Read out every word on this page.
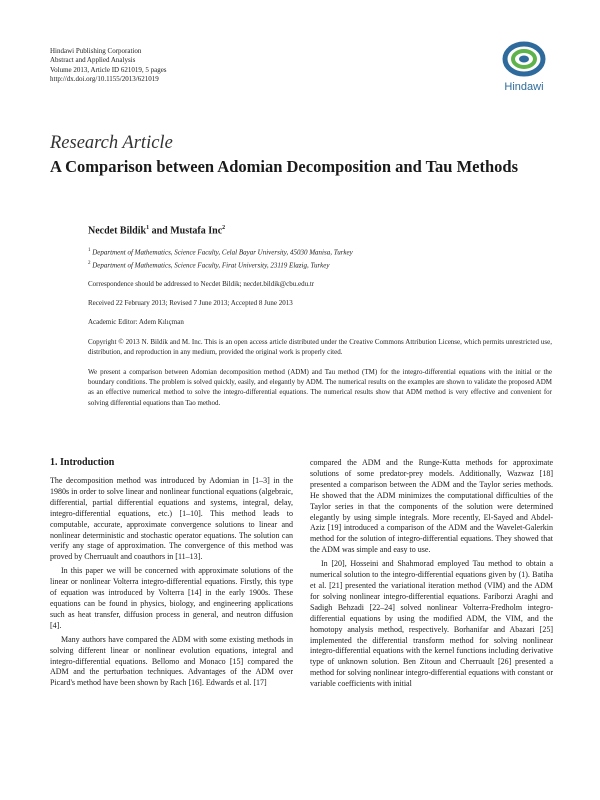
Hindawi Publishing Corporation
Abstract and Applied Analysis
Volume 2013, Article ID 621019, 5 pages
http://dx.doi.org/10.1155/2013/621019
Hindawi
Research Article
A Comparison between Adomian Decomposition and Tau Methods
Necdet Bildik$^1$ and Mustafa Inc$^2$
$^1$ Department of Mathematics, Science Faculty, Celal Bayar University, 45030 Manisa, Turkey
$^2$ Department of Mathematics, Science Faculty, Firat University, 23119 Elazig, Turkey
Correspondence should be addressed to Necdet Bildik; necdet.bildik@cbu.edu.tr
Received 22 February 2013; Revised 7 June 2013; Accepted 8 June 2013
Academic Editor: Adem Kılıçman
Copyright © 2013 N. Bildik and M. Inc. This is an open access article distributed under the Creative Commons Attribution License, which permits unrestricted use, distribution, and reproduction in any medium, provided the original work is properly cited.
We present a comparison between Adomian decomposition method (ADM) and Tau method (TM) for the integro-differential equations with the initial or the boundary conditions. The problem is solved quickly, easily, and elegantly by ADM. The numerical results on the examples are shown to validate the proposed ADM as an effective numerical method to solve the integro-differential equations. The numerical results show that ADM method is very effective and convenient for solving differential equations than Tao method.
1. Introduction

The decomposition method was introduced by Adomian in [1–3] in the 1980s in order to solve linear and nonlinear functional equations (algebraic, differential, partial differential equations and systems, integral, delay, integro-differential equations, etc.) [1–10]. This method leads to computable, accurate, approximate convergence solutions to linear and nonlinear deterministic and stochastic operator equations. The solution can verify any stage of approximation. The convergence of this method was proved by Cherruault and coauthors in [11–13].

In this paper we will be concerned with approximate solutions of the linear or nonlinear Volterra integro-differential equations. Firstly, this type of equation was introduced by Volterra [14] in the early 1900s. These equations can be found in physics, biology, and engineering applications such as heat transfer, diffusion process in general, and neutron diffusion [4].

Many authors have compared the ADM with some existing methods in solving different linear or nonlinear evolution equations, integral and integro-differential equations. Bellomo and Monaco [15] compared the ADM and the perturbation techniques. Advantages of the ADM over Picard's method have been shown by Rach [16]. Edwards et al. [17]

compared the ADM and the Runge-Kutta methods for approximate solutions of some predator-prey models. Additionally, Wazwaz [18] presented a comparison between the ADM and the Taylor series methods. He showed that the ADM minimizes the computational difficulties of the Taylor series in that the components of the solution were determined elegantly by using simple integrals. More recently, El-Sayed and Abdel-Aziz [19] introduced a comparison of the ADM and the Wavelet-Galerkin method for the solution of integro-differential equations. They showed that the ADM was simple and easy to use.

In [20], Hosseini and Shahmorad employed Tau method to obtain a numerical solution to the integro-differential equations given by (1). Batiha et al. [21] presented the variational iteration method (VIM) and the ADM for solving nonlinear integro-differential equations. Fariborzi Araghi and Sadigh Behzadi [22–24] solved nonlinear Volterra-Fredholm integro-differential equations by using the modified ADM, the VIM, and the homotopy analysis method, respectively. Borhanifar and Abazari [25] implemented the differential transform method for solving nonlinear integro-differential equations with the kernel functions including derivative type of unknown solution. Ben Zitoun and Cherruault [26] presented a method for solving nonlinear integro-differential equations with constant or variable coefficients with initial
